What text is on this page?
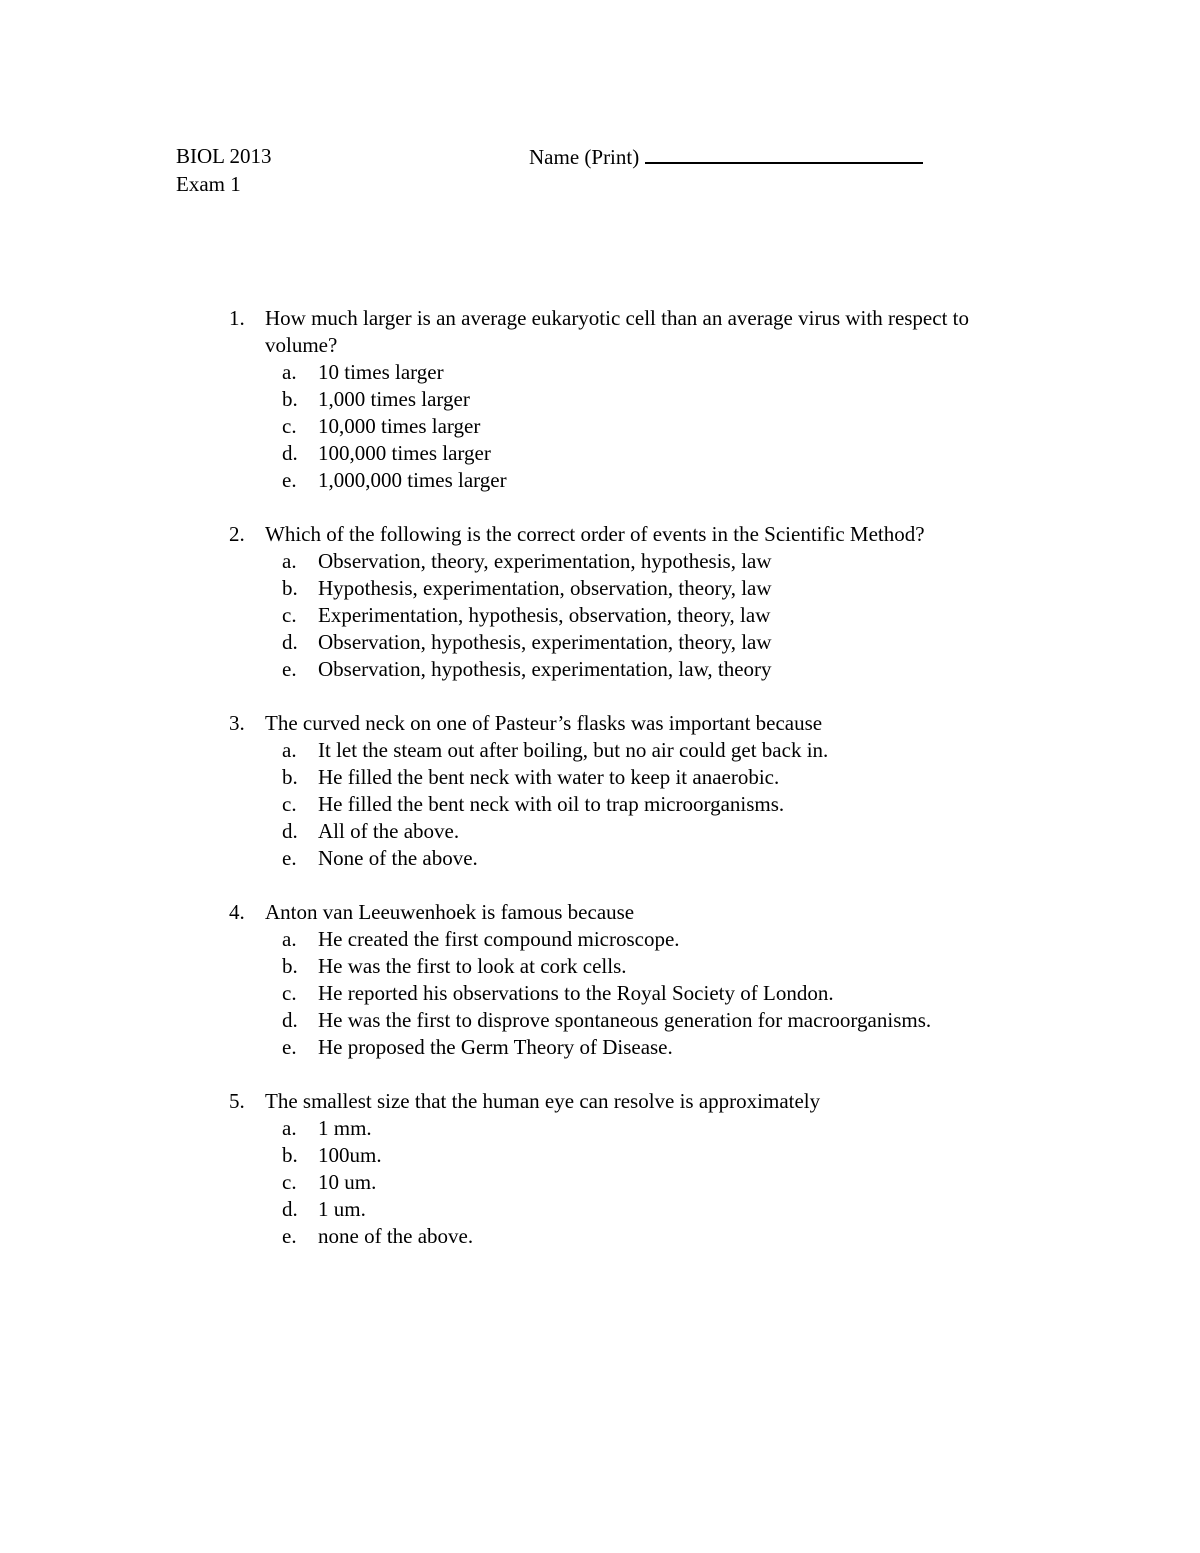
BIOL 2013
Exam 1
Name (Print)
1. How much larger is an average eukaryotic cell than an average virus with respect to volume?
a.	10 times larger
b. 1,000 times larger
c.	10,000 times larger
d. 100,000 times larger
e.	1,000,000 times larger
2. Which of the following is the correct order of events in the Scientific Method?
a.	Observation, theory, experimentation, hypothesis, law
b. Hypothesis, experimentation, observation, theory, law
c.	Experimentation, hypothesis, observation, theory, law
d. Observation, hypothesis, experimentation, theory, law
e.	Observation, hypothesis, experimentation, law, theory
3. The curved neck on one of Pasteur’s flasks was important because
a.	It let the steam out after boiling, but no air could get back in.
b. He filled the bent neck with water to keep it anaerobic.
c.	He filled the bent neck with oil to trap microorganisms.
d. All of the above.
e.	None of the above.
4. Anton van Leeuwenhoek is famous because
a.	He created the first compound microscope.
b. He was the first to look at cork cells.
c.	He reported his observations to the Royal Society of London.
d. He was the first to disprove spontaneous generation for macroorganisms.
e.	He proposed the Germ Theory of Disease.
5. The smallest size that the human eye can resolve is approximately
a.	1 mm.
b. 100um.
c.	10 um.
d. 1 um.
e.	none of the above.
